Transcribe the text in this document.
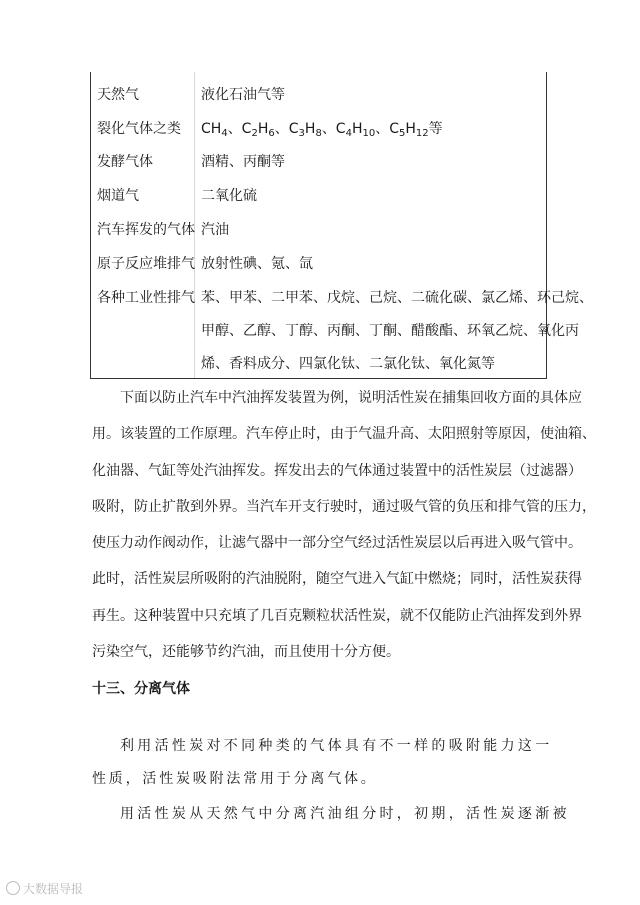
天然气	液化石油气等
裂化气体之类 $CH_4$、$C_2H_6$、$C_3H_8$、$C_4H_{10}$、$C_5H_{12}$等
发酵气体	酒精、丙酮等
烟道气	二氧化硫
汽车挥发的气体 汽油
原子反应堆排气 放射性碘、氪、氙
各种工业性排气 苯、甲苯、二甲苯、戊烷、己烷、二硫化碳、氯乙烯、环己烷、
甲醇、乙醇、丁醇、丙酮、丁酮、醋酸酯、环氧乙烷、氧化丙
烯、香料成分、四氯化钛、二氯化钛、氧化氮等
下面以防止汽车中汽油挥发装置为例，说明活性炭在捕集回收方面的具体应
用。该装置的工作原理。汽车停止时，由于气温升高、太阳照射等原因，使油箱、
化油器、气缸等处汽油挥发。挥发出去的气体通过装置中的活性炭层（过滤器）
吸附，防止扩散到外界。当汽车开支行驶时，通过吸气管的负压和排气管的压力，
使压力动作阀动作，让滤气器中一部分空气经过活性炭层以后再进入吸气管中。
此时，活性炭层所吸附的汽油脱附，随空气进入气缸中燃烧；同时，活性炭获得
再生。这种装置中只充填了几百克颗粒状活性炭，就不仅能防止汽油挥发到外界
污染空气，还能够节约汽油，而且使用十分方便。
十三、分离气体
利用活性炭对不同种类的气体具有不一样的吸附能力这一
性质，活性炭吸附法常用于分离气体。
用活性炭从天然气中分离汽油组分时，初期，活性炭逐渐被
大数据导报
